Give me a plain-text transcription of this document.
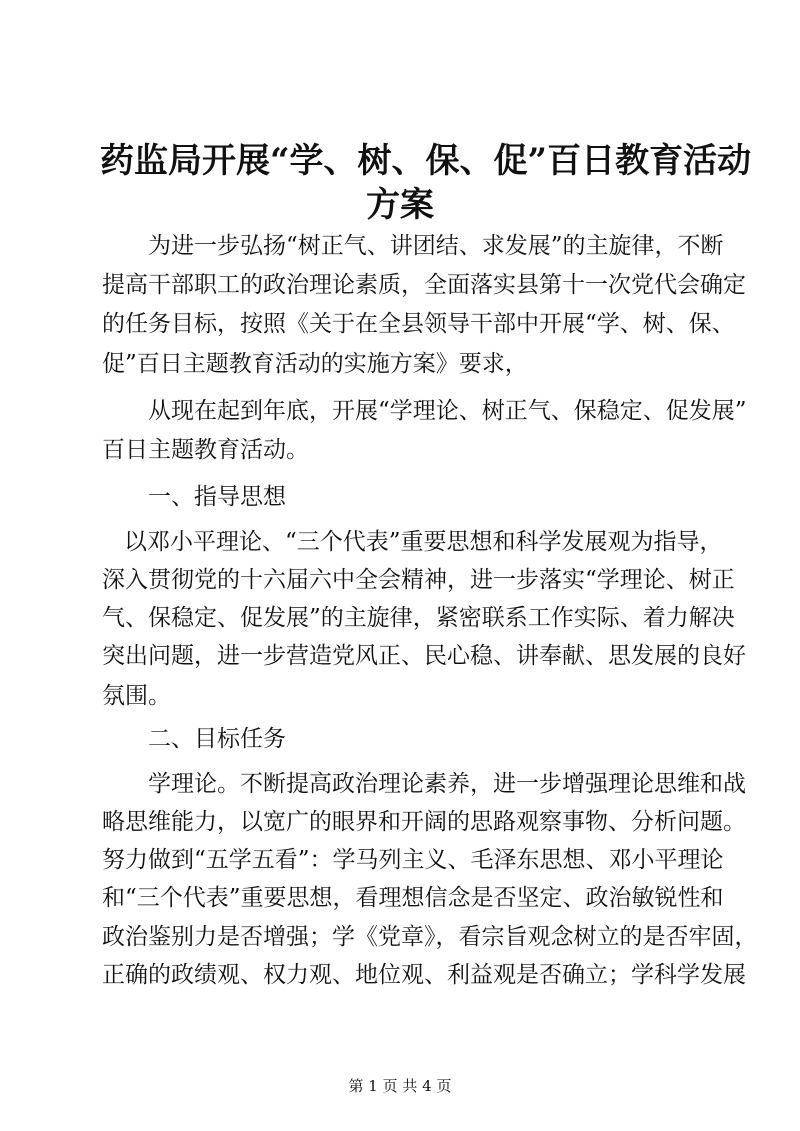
药监局开展“学、树、保、促”百日教育活动
方案

为进一步弘扬“树正气、讲团结、求发展”的主旋律，不断

提高干部职工的政治理论素质，全面落实县第十一次党代会确定

的任务目标，按照《关于在全县领导干部中开展“学、树、保、

促”百日主题教育活动的实施方案》要求，

从现在起到年底，开展“学理论、树正气、保稳定、促发展”

百日主题教育活动。

一、指导思想

以邓小平理论、“三个代表”重要思想和科学发展观为指导，

深入贯彻党的十六届六中全会精神，进一步落实“学理论、树正

气、保稳定、促发展”的主旋律，紧密联系工作实际、着力解决

突出问题，进一步营造党风正、民心稳、讲奉献、思发展的良好

氛围。

二、目标任务

学理论。不断提高政治理论素养，进一步增强理论思维和战

略思维能力，以宽广的眼界和开阔的思路观察事物、分析问题。

努力做到“五学五看”：学马列主义、毛泽东思想、邓小平理论

和“三个代表”重要思想，看理想信念是否坚定、政治敏锐性和

政治鉴别力是否增强；学《党章》，看宗旨观念树立的是否牢固，

正确的政绩观、权力观、地位观、利益观是否确立；学科学发展

第 1 页 共 4 页
